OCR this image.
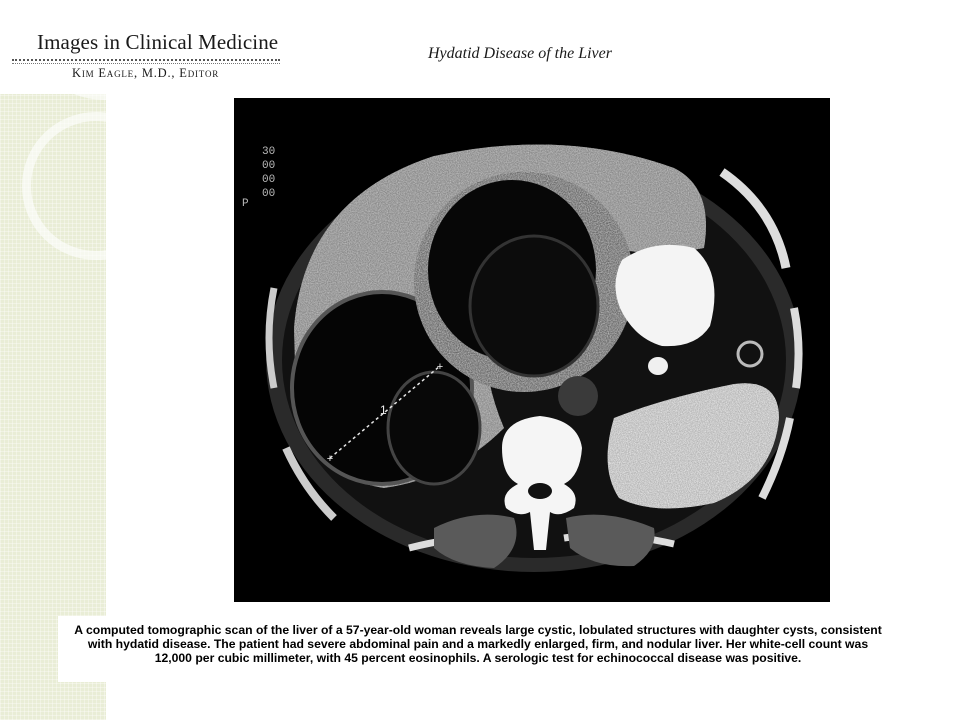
Images in Clinical Medicine
Kim Eagle, M.D., Editor
Hydatid Disease of the Liver
+
+
1
30
00
00
00
P

A computed tomographic scan of the liver of a 57-year-old woman reveals large cystic, lobulated structures with daughter cysts, consistent with hydatid disease. The patient had severe abdominal pain and a markedly enlarged, firm, and nodular liver. Her white-cell count was 12,000 per cubic millimeter, with 45 percent eosinophils. A serologic test for echinococcal disease was positive.
